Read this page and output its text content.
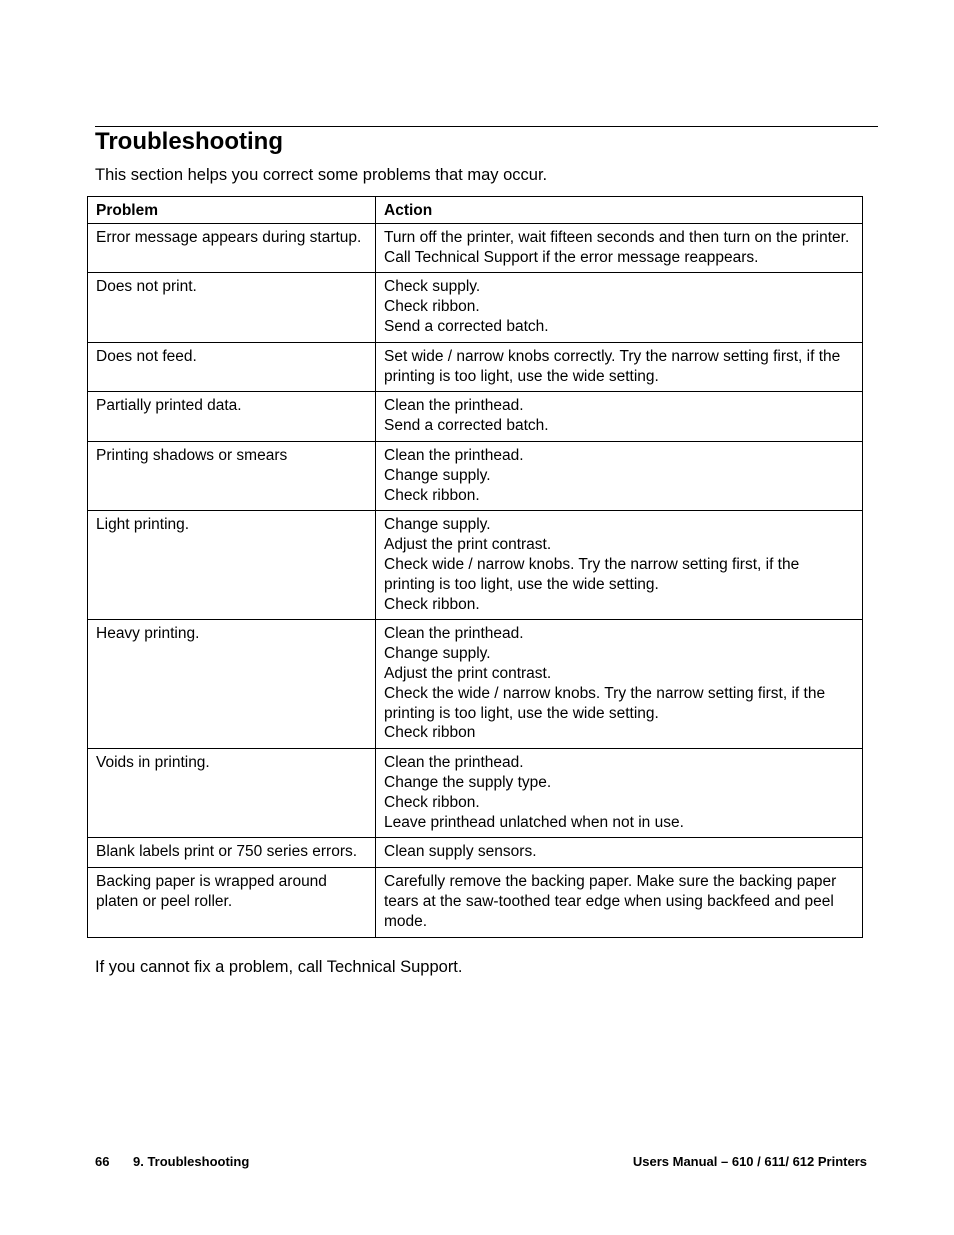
Troubleshooting

This section helps you correct some problems that may occur.

Problem	Action
Error message appears during startup.	Turn off the printer, wait fifteen seconds and then turn on the printer. Call Technical Support if the error message reappears.

Does not print.	Check supply.
Check ribbon.
Send a corrected batch.

Does not feed.	Set wide / narrow knobs correctly. Try the narrow setting first, if the printing is too light, use the wide setting.

Partially printed data.	Clean the printhead.
Send a corrected batch.

Printing shadows or smears	Clean the printhead.
Change supply.
Check ribbon.

Light printing.	Change supply.
Adjust the print contrast.
Check wide / narrow knobs. Try the narrow setting first, if the printing is too light, use the wide setting.
Check ribbon.

Heavy printing.	Clean the printhead.
Change supply.
Adjust the print contrast.
Check the wide / narrow knobs. Try the narrow setting first, if the printing is too light, use the wide setting.
Check ribbon

Voids in printing.	Clean the printhead.
Change the supply type.
Check ribbon.
Leave printhead unlatched when not in use.

Blank labels print or 750 series errors.	Clean supply sensors.

Backing paper is wrapped around platen or peel roller.	Carefully remove the backing paper. Make sure the backing paper tears at the saw-toothed tear edge when using backfeed and peel mode.

If you cannot fix a problem, call Technical Support.

66 9. Troubleshooting	Users Manual – 610 / 611/ 612 Printers
